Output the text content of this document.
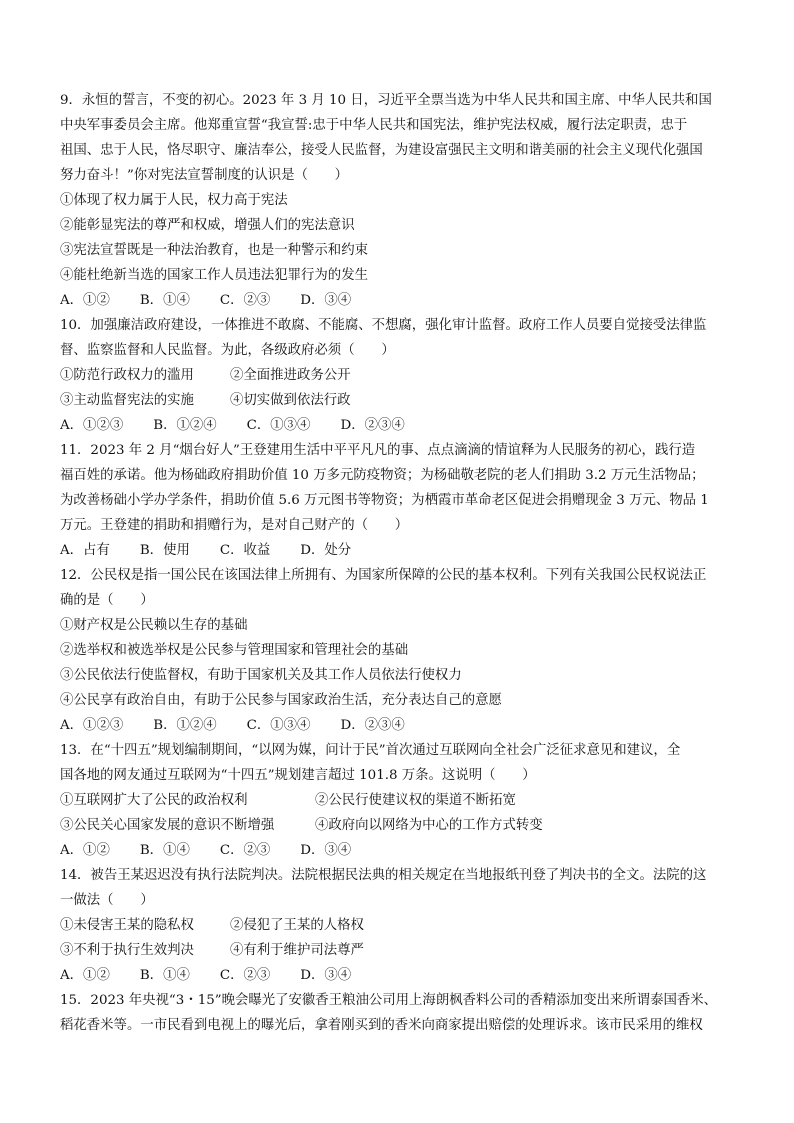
9．永恒的誓言，不变的初心。2023 年 3 月 10 日，习近平全票当选为中华人民共和国主席、中华人民共和国
中央军事委员会主席。他郑重宣誓“我宣誓:忠于中华人民共和国宪法，维护宪法权威，履行法定职责，忠于
祖国、忠于人民，恪尽职守、廉洁奉公，接受人民监督，为建设富强民主文明和谐美丽的社会主义现代化强国
努力奋斗！”你对宪法宣誓制度的认识是（　　）
①体现了权力属于人民，权力高于宪法
②能彰显宪法的尊严和权威，增强人们的宪法意识
③宪法宣誓既是一种法治教育，也是一种警示和约束
④能杜绝新当选的国家工作人员违法犯罪行为的发生
A．①② B．①④ C．②③ D．③④
10．加强廉洁政府建设，一体推进不敢腐、不能腐、不想腐，强化审计监督。政府工作人员要自觉接受法律监
督、监察监督和人民监督。为此，各级政府必须（　　）
①防范行政权力的滥用	②全面推进政务公开
③主动监督宪法的实施	④切实做到依法行政
A．①②③ B．①②④ C．①③④ D．②③④
11．2023 年 2 月“烟台好人”王登建用生活中平平凡凡的事、点点滴滴的情谊释为人民服务的初心，践行造
福百姓的承诺。他为杨础政府捐助价值 10 万多元防疫物资；为杨础敬老院的老人们捐助 3.2 万元生活物品；
为改善杨础小学办学条件，捐助价值 5.6 万元图书等物资；为栖霞市革命老区促进会捐赠现金 3 万元、物品 1
万元。王登建的捐助和捐赠行为，是对自己财产的（　　）
A．占有 B．使用 C．收益 D．处分
12．公民权是指一国公民在该国法律上所拥有、为国家所保障的公民的基本权利。下列有关我国公民权说法正
确的是（　　）
①财产权是公民赖以生存的基础
②选举权和被选举权是公民参与管理国家和管理社会的基础
③公民依法行使监督权，有助于国家机关及其工作人员依法行使权力
④公民享有政治自由，有助于公民参与国家政治生活，充分表达自己的意愿
A．①②③ B．①②④ C．①③④ D．②③④
13．在“十四五”规划编制期间，“以网为媒，问计于民”首次通过互联网向全社会广泛征求意见和建议，全
国各地的网友通过互联网为“十四五”规划建言超过 101.8 万条。这说明（　　）
①互联网扩大了公民的政治权利	②公民行使建议权的渠道不断拓宽
③公民关心国家发展的意识不断增强	④政府向以网络为中心的工作方式转变
A．①② B．①④ C．②③ D．③④
14．被告王某迟迟没有执行法院判决。法院根据民法典的相关规定在当地报纸刊登了判决书的全文。法院的这
一做法（　　）
①未侵害王某的隐私权	②侵犯了王某的人格权
③不利于执行生效判决	④有利于维护司法尊严
A．①② B．①④ C．②③ D．③④
15．2023 年央视“3・15”晚会曝光了安徽香王粮油公司用上海朗枫香料公司的香精添加变出来所谓泰国香米、
稻花香米等。一市民看到电视上的曝光后，拿着刚买到的香米向商家提出赔偿的处理诉求。该市民采用的维权
